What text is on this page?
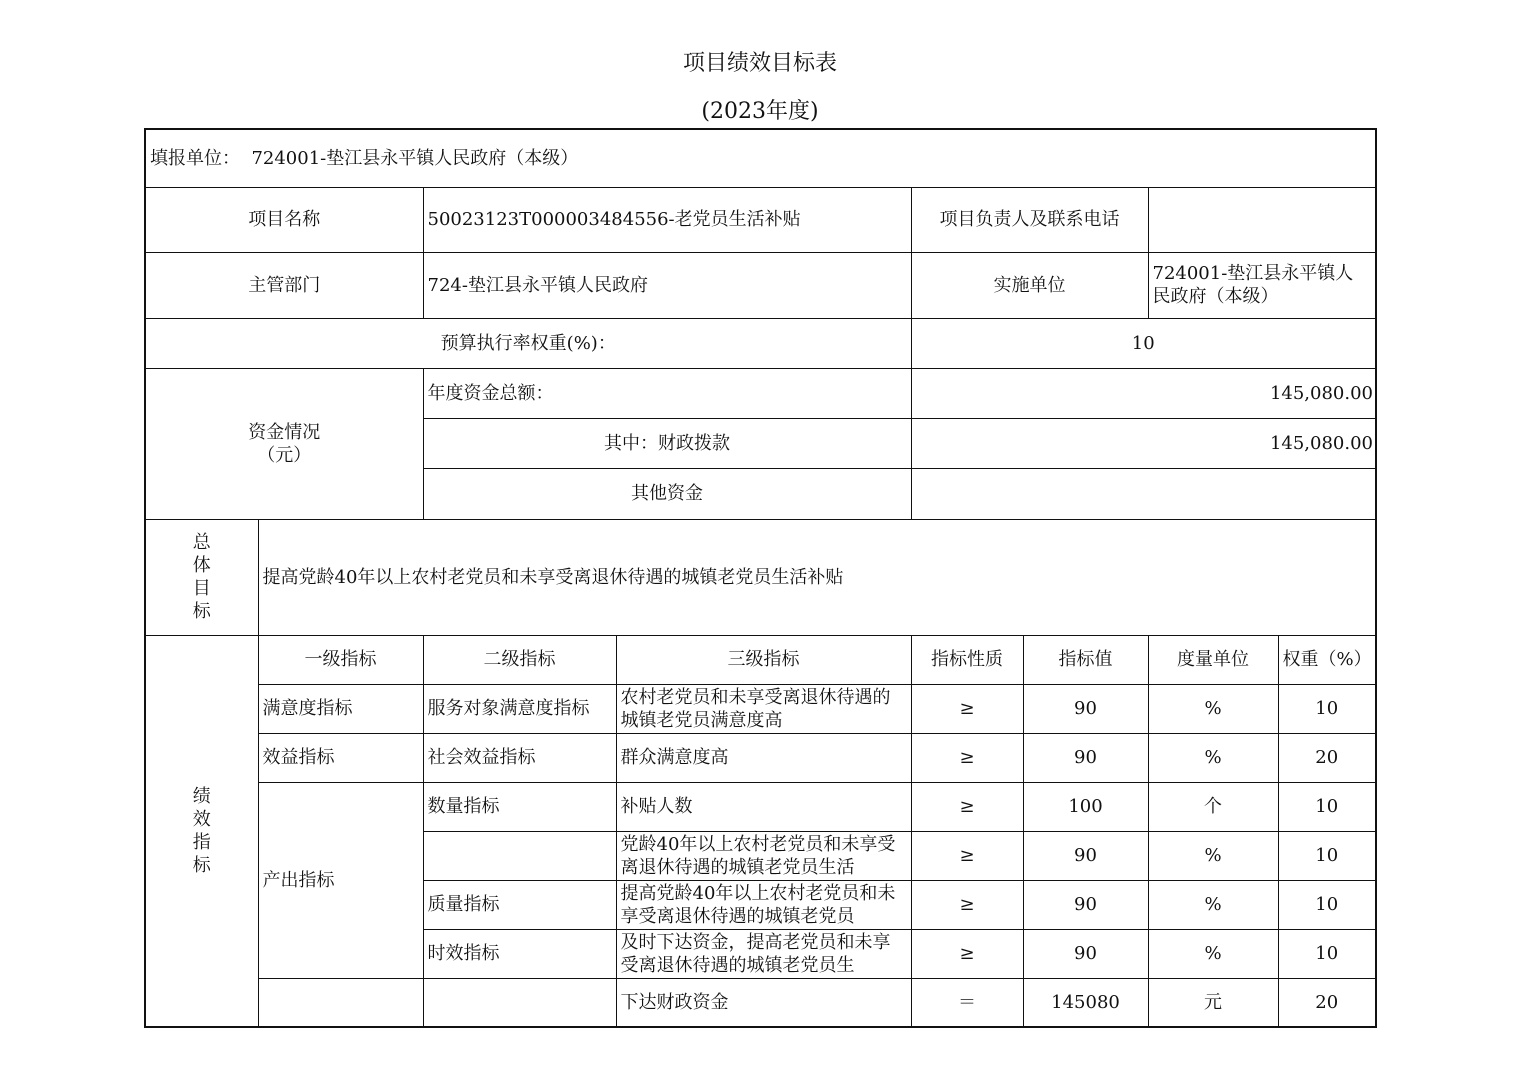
项目绩效目标表
(2023年度)
填报单位： 724001-垫江县永平镇人民政府（本级）							
项目名称		50023123T000003484556-老党员生活补贴		项目负责人及联系电话			
主管部门		724-垫江县永平镇人民政府		实施单位		724001-垫江县永平镇人民政府（本级）	
预算执行率权重(%)：				10			

资金情况
（元）		年度资金总额：		145,080.00			
		其中：财政拨款		145,080.00			
		其他资金					

总
体
目
标	提高党龄40年以上农村老党员和未享受离退休待遇的城镇老党员生活补贴						

绩
效
指
标	一级指标	二级指标	三级指标	指标性质	指标值	度量单位	权重（%）
	满意度指标	服务对象满意度指标	农村老党员和未享受离退休待遇的城镇老党员满意度高	≥	90	%	10
	效益指标	社会效益指标	群众满意度高	≥	90	%	20
	产出指标	数量指标	补贴人数	≥	100	个	10
			党龄40年以上农村老党员和未享受离退休待遇的城镇老党员生活	≥	90	%	10
		质量指标	提高党龄40年以上农村老党员和未享受离退休待遇的城镇老党员	≥	90	%	10
		时效指标	及时下达资金，提高老党员和未享受离退休待遇的城镇老党员生	≥	90	%	10
			下达财政资金	＝	145080	元	20
